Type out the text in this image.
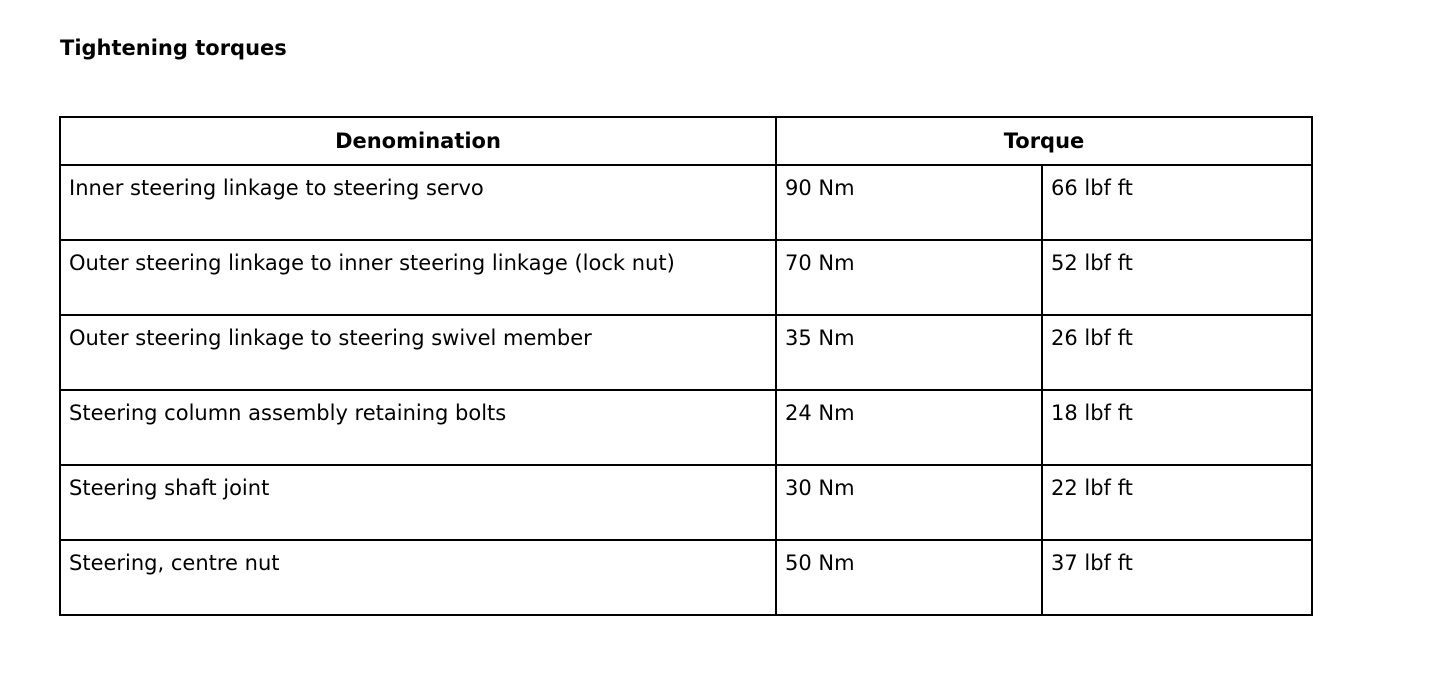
Tightening torques
Denomination	Torque	
Inner steering linkage to steering servo	90 Nm	66 lbf ft
Outer steering linkage to inner steering linkage (lock nut)	70 Nm	52 lbf ft
Outer steering linkage to steering swivel member	35 Nm	26 lbf ft
Steering column assembly retaining bolts	24 Nm	18 lbf ft
Steering shaft joint	30 Nm	22 lbf ft
Steering, centre nut	50 Nm	37 lbf ft
